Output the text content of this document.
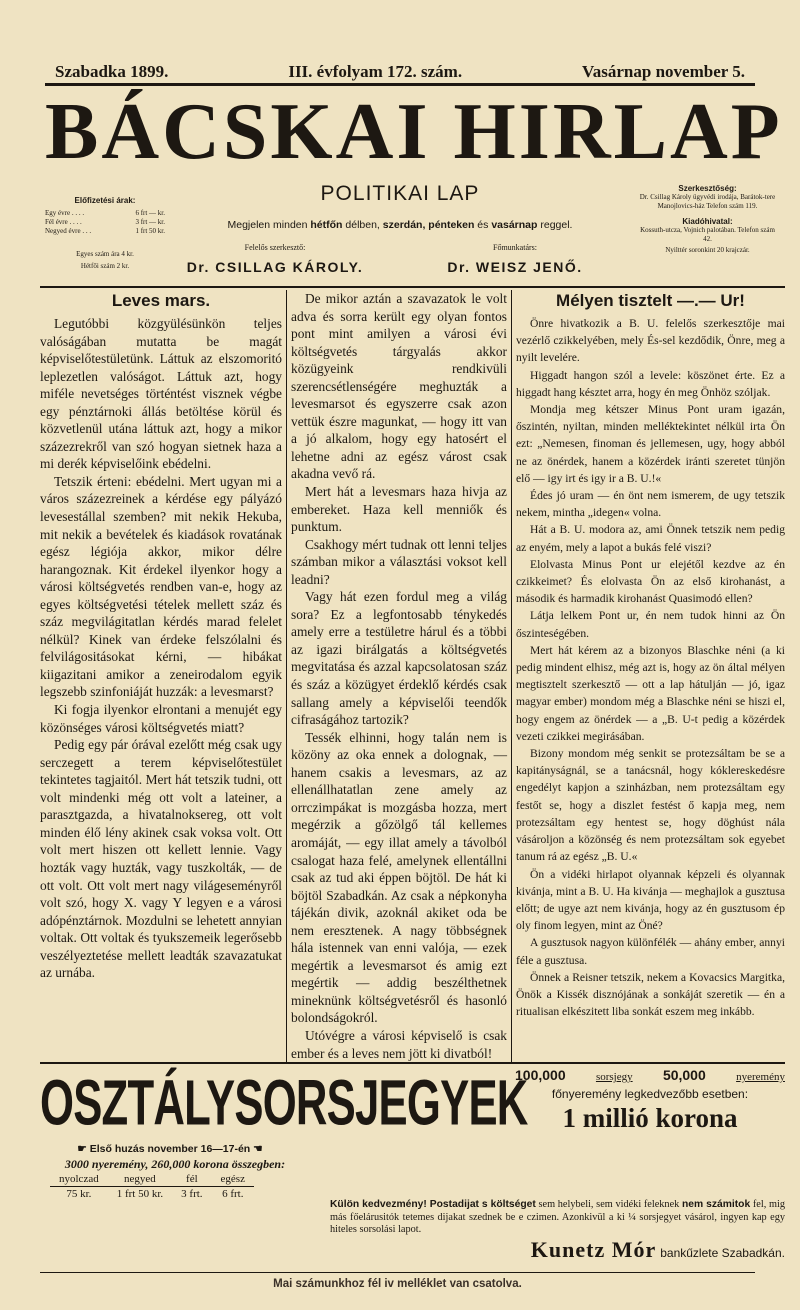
Szabadka 1899.	III. évfolyam 172. szám.	Vasárnap november 5.
BÁCSKAI HIRLAP
POLITIKAI LAP
Előfizetési árak:
Egy évre . . . .	6 frt — kr.
Fél évre . . . .	3 frt — kr.
Negyed évre . . .	1 frt 50 kr.
Egyes szám ára 4 kr.
Hétfői szám 2 kr.
Megjelen minden hétfőn délben, szerdán, pénteken és vasárnap reggel.
Felelős szerkesztő:
Dr. CSILLAG KÁROLY.
Főmunkatárs:
Dr. WEISZ JENŐ.
Szerkesztőség:
Dr. Csillag Károly ügyvédi irodája, Barátok-tere Manojlovics-ház Telefon szám 119.
Kiadóhivatal:
Kossuth-utcza, Vojnich palotában. Telefon szám 42.
Nyilttér soronkint 20 krajczár.
Leves mars.

Legutóbbi közgyülésünkön teljes valóságában mutatta be magát képviselőtestületünk. Láttuk az elszomoritó leplezetlen valóságot. Láttuk azt, hogy miféle nevetséges történtést visznek végbe egy pénztárnoki állás betöltése körül és közvetlenül utána láttuk azt, hogy a mikor százezrekről van szó hogyan sietnek haza a mi derék képviselőink ebédelni.

Tetszik érteni: ebédelni. Mert ugyan mi a város százezreinek a kérdése egy pályázó levesestállal szemben? mit nekik Hekuba, mit nekik a bevételek és kiadások rovatának egész légiója akkor, mikor délre harangoznak. Kit érdekel ilyenkor hogy a városi költségvetés rendben van-e, hogy az egyes költségvetési tételek mellett száz és száz megvilágitatlan kérdés marad felelet nélkül? Kinek van érdeke felszólalni és felvilágositásokat kérni, — hibákat kiigazitani amikor a zeneirodalom egyik legszebb szinfoniáját huzzák: a levesmarst?

Ki fogja ilyenkor elrontani a menujét egy közönséges városi költségvetés miatt?

Pedig egy pár órával ezelőtt még csak ugy serczegett a terem képviselőtestület tekintetes tagjaitól. Mert hát tetszik tudni, ott volt mindenki még ott volt a lateiner, a parasztgazda, a hivatalnoksereg, ott volt minden élő lény akinek csak voksa volt. Ott volt mert hiszen ott kellett lennie. Vagy hozták vagy huzták, vagy tuszkolták, — de ott volt. Ott volt mert nagy világeseményről volt szó, hogy X. vagy Y legyen e a városi adópénztárnok. Mozdulni se lehetett annyian voltak. Ott voltak és tyukszemeik legerősebb veszélyeztetése mellett leadták szavazatukat az urnába.

De mikor aztán a szavazatok le volt adva és sorra került egy olyan fontos pont mint amilyen a városi évi költségvetés tárgyalás akkor közügyeink rendkivüli szerencsétlenségére meghuzták a levesmarsot és egyszerre csak azon vettük észre magunkat, — hogy itt van a jó alkalom, hogy egy hatosért el lehetne adni az egész várost csak akadna vevő rá.

Mert hát a levesmars haza hivja az embereket. Haza kell menniők és punktum.

Csakhogy mért tudnak ott lenni teljes számban mikor a választási voksot kell leadni?

Vagy hát ezen fordul meg a világ sora? Ez a legfontosabb ténykedés amely erre a testületre hárul és a többi az igazi birálgatás a költségvetés megvitatása és azzal kapcsolatosan száz és száz a közügyet érdeklő kérdés csak sallang amely a képviselői teendők cifraságához tartozik?

Tessék elhinni, hogy talán nem is közöny az oka ennek a dolognak, — hanem csakis a levesmars, az az ellenállhatatlan zene amely az orrczimpákat is mozgásba hozza, mert megérzik a gőzölgő tál kellemes aromáját, — egy illat amely a távolból csalogat haza felé, amelynek ellentállni csak az tud aki éppen böjtöl. De hát ki böjtöl Szabadkán. Az csak a népkonyha tájékán divik, azoknál akiket oda be nem eresztenek. A nagy többségnek hála istennek van enni valója, — ezek megértik a levesmarsot és amig ezt megértik — addig beszélthetnek mineknünk költségvetésről és hasonló bolondságokról.

Utóvégre a városi képviselő is csak ember és a leves nem jött ki divatból!

Mélyen tisztelt —.— Ur!

Önre hivatkozik a B. U. felelős szerkesztője mai vezérlő czikkelyében, mely És-sel kezdődik, Önre, meg a nyilt levelére.

Higgadt hangon szól a levele: köszönet érte. Ez a higgadt hang késztet arra, hogy én meg Önhöz szóljak.

Mondja meg kétszer Minus Pont uram igazán, őszintén, nyiltan, minden melléktekintet nélkül irta Ön ezt: „Nemesen, finoman és jellemesen, ugy, hogy abból ne az önérdek, hanem a közérdek iránti szeretet tünjön elő — igy irt és igy ir a B. U.!«

Édes jó uram — én önt nem ismerem, de ugy tetszik nekem, mintha „idegen« volna.

Hát a B. U. modora az, ami Önnek tetszik nem pedig az enyém, mely a lapot a bukás felé viszi?

Elolvasta Minus Pont ur elejétől kezdve az én czikkeimet? És elolvasta Ön az első kirohanást, a második és harmadik kirohanást Quasimodó ellen?

Látja lelkem Pont ur, én nem tudok hinni az Ön őszinteségében.

Mert hát kérem az a bizonyos Blaschke néni (a ki pedig mindent elhisz, még azt is, hogy az ön által mélyen megtisztelt szerkesztő — ott a lap hátulján — jó, igaz magyar ember) mondom még a Blaschke néni se hiszi el, hogy engem az önérdek — a „B. U-t pedig a közérdek vezeti czikkei megirásában.

Bizony mondom még senkit se protezsáltam be se a kapitányságnál, se a tanácsnál, hogy kóklereskedésre engedélyt kapjon a szinházban, nem protezsáltam egy festőt se, hogy a diszlet festést ő kapja meg, nem protezsáltam egy hentest se, hogy döghúst nála vásároljon a közönség és nem protezsáltam sok egyebet tanum rá az egész „B. U.«

Ön a vidéki hirlapot olyannak képzeli és olyannak kivánja, mint a B. U. Ha kivánja — meghajlok a gusztusa előtt; de ugye azt nem kivánja, hogy az én gusztusom ép oly finom legyen, mint az Öné?

A gusztusok nagyon különfélék — ahány ember, annyi féle a gusztusa.

Önnek a Reisner tetszik, nekem a Kovacsics Margitka, Önök a Kissék disznójának a sonkáját szeretik — én a ritualisan elkészitett liba sonkát eszem meg inkább.

OSZTÁLYSORSJEGYEK
☛ Első huzás november 16—17-én ☚
3000 nyeremény, 260,000 korona összegben:
nyolczad	negyed	fél	egész
75 kr.	1 frt 50 kr.	3 frt.	6 frt.
100,000	sorsjegy 50,000	nyeremény
főnyeremény legkedvezőbb esetben:
1 millió korona
Külön kedvezmény! Postadijat s költséget sem helybeli, sem vidéki feleknek nem számitok fel, mig más főelárusitók tetemes dijakat szednek be e czimen. Azonkivül a ki ¼ sorsjegyet vásárol, ingyen kap egy hiteles sorsolási lapot.
Kunetz Mór bankűzlete Szabadkán.
Mai számunkhoz fél iv melléklet van csatolva.
